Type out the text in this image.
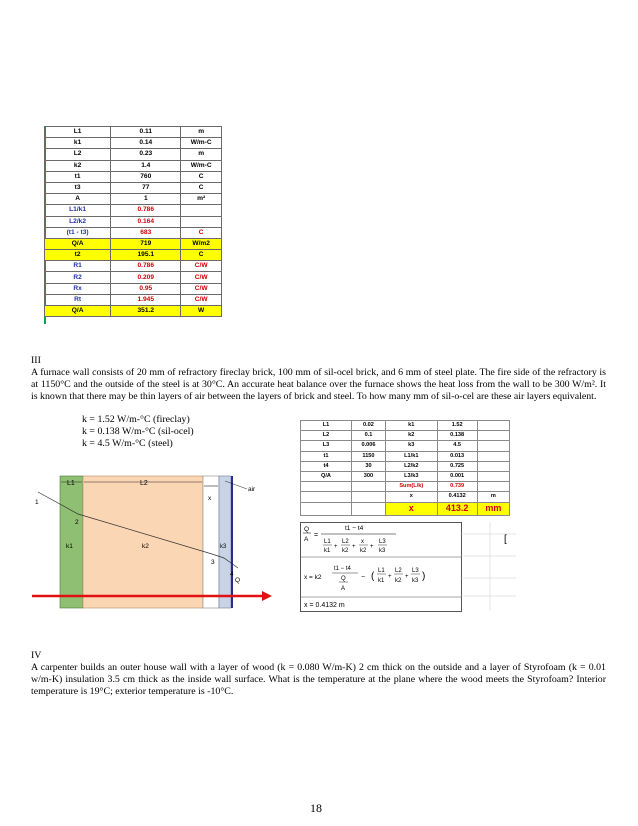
L1	0.11	m
k1	0.14	W/m-C
L2	0.23	m
k2	1.4	W/m-C
t1	760	C
t3	77	C
A	1	m²
L1/k1	0.786	
L2/k2	0.164	
(t1 - t3)	683	C
Q/A	719	W/m2
t2	195.1	C
R1	0.786	C/W
R2	0.209	C/W
Rx	0.95	C/W
Rt	1.945	C/W
Q/A	351.2	W
III

A furnace wall consists of 20 mm of refractory fireclay brick, 100 mm of sil-ocel brick, and 6 mm of steel plate. The fire side of the refractory is at 1150°C and the outside of the steel is at 30°C. An accurate heat balance over the furnace shows the heat loss from the wall to be 300 W/m². It is known that there may be thin layers of air between the layers of brick and steel. To how many mm of sil-o-cel are these air layers equivalent.

k = 1.52 W/m-°C (fireclay)
k = 0.138 W/m-°C (sil-ocel)
k = 4.5 W/m-°C (steel)
L1	L2
x
air
1
2
3
4
k1	k2	k3
Q
L1	0.02	k1	1.52	
L2	0.1	k2	0.138	
L3	0.006	k3	4.5	
t1	1150	L1/k1	0.013	
t4	30	L2/k2	0.725	
Q/A	300	L3/k3	0.001	
		Sum(L/k)	0.739	
		x	0.4132	m
		x	413.2	mm
Q
A
=
t1 − t4
L1
k1
+
L2
k2
+
x
k2
+
L3
k3
x = k2
t1 − t4
Q
A
− ( L1
k1
+
L2
k2
+
L3
k3 )
x = 0.4132 m
[
IV

A carpenter builds an outer house wall with a layer of wood (k = 0.080 W/m-K) 2 cm thick on the outside and a layer of Styrofoam (k = 0.01 w/m-K) insulation 3.5 cm thick as the inside wall surface. What is the temperature at the plane where the wood meets the Styrofoam? Interior temperature is 19°C; exterior temperature is -10°C.

18
